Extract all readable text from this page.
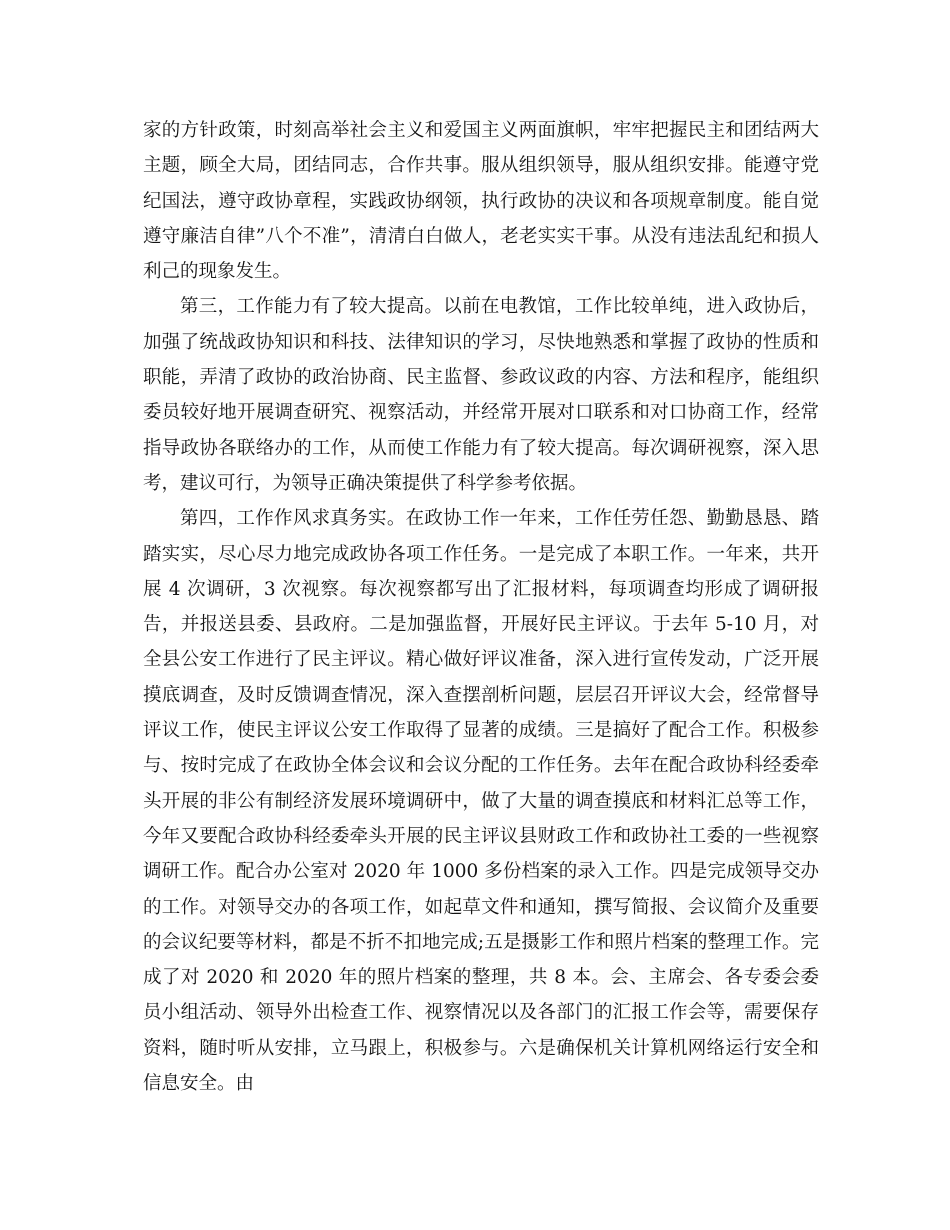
家的方针政策，时刻高举社会主义和爱国主义两面旗帜，牢牢把握民主和团结两大主题，顾全大局，团结同志，合作共事。服从组织领导，服从组织安排。能遵守党纪国法，遵守政协章程，实践政协纲领，执行政协的决议和各项规章制度。能自觉遵守廉洁自律”八个不准”，清清白白做人，老老实实干事。从没有违法乱纪和损人利己的现象发生。

第三，工作能力有了较大提高。以前在电教馆，工作比较单纯，进入政协后，加强了统战政协知识和科技、法律知识的学习，尽快地熟悉和掌握了政协的性质和职能，弄清了政协的政治协商、民主监督、参政议政的内容、方法和程序，能组织委员较好地开展调查研究、视察活动，并经常开展对口联系和对口协商工作，经常指导政协各联络办的工作，从而使工作能力有了较大提高。每次调研视察，深入思考，建议可行，为领导正确决策提供了科学参考依据。

第四，工作作风求真务实。在政协工作一年来，工作任劳任怨、勤勤恳恳、踏踏实实，尽心尽力地完成政协各项工作任务。一是完成了本职工作。一年来，共开展 4 次调研，3 次视察。每次视察都写出了汇报材料，每项调查均形成了调研报告，并报送县委、县政府。二是加强监督，开展好民主评议。于去年 5-10 月，对全县公安工作进行了民主评议。精心做好评议准备，深入进行宣传发动，广泛开展摸底调查，及时反馈调查情况，深入查摆剖析问题，层层召开评议大会，经常督导评议工作，使民主评议公安工作取得了显著的成绩。三是搞好了配合工作。积极参与、按时完成了在政协全体会议和会议分配的工作任务。去年在配合政协科经委牵头开展的非公有制经济发展环境调研中，做了大量的调查摸底和材料汇总等工作，今年又要配合政协科经委牵头开展的民主评议县财政工作和政协社工委的一些视察调研工作。配合办公室对 2020 年 1000 多份档案的录入工作。四是完成领导交办的工作。对领导交办的各项工作，如起草文件和通知，撰写简报、会议简介及重要的会议纪要等材料，都是不折不扣地完成;五是摄影工作和照片档案的整理工作。完成了对 2020 和 2020 年的照片档案的整理，共 8 本。会、主席会、各专委会委员小组活动、领导外出检查工作、视察情况以及各部门的汇报工作会等，需要保存资料，随时听从安排，立马跟上，积极参与。六是确保机关计算机网络运行安全和信息安全。由
